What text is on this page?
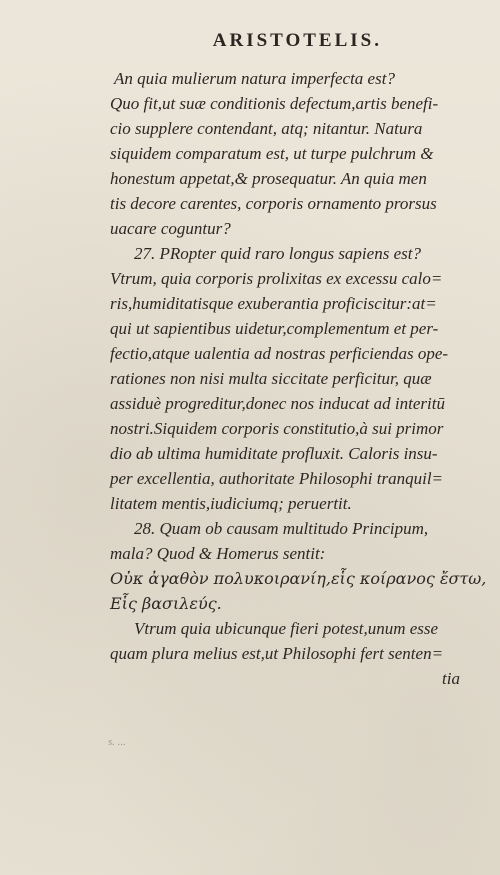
ARISTOTELIS.
An quia mulierum natura imperfecta est?
Quo fit,ut suæ conditionis defectum,artis benefi-
cio supplere contendant, atq; nitantur. Natura
siquidem comparatum est, ut turpe pulchrum &
honestum appetat,& prosequatur. An quia men
tis decore carentes, corporis ornamento prorsus
uacare coguntur?
27. PRopter quid raro longus sapiens est?
Vtrum, quia corporis prolixitas ex excessu calo=
ris,humiditatisque exuberantia proficiscitur:at=
qui ut sapientibus uidetur,complementum et per-
fectio,atque ualentia ad nostras perficiendas ope-
rationes non nisi multa siccitate perficitur, quæ
assiduè progreditur,donec nos inducat ad interitū
nostri.Siquidem corporis constitutio,à sui primor
dio ab ultima humiditate profluxit. Caloris insu-
per excellentia, authoritate Philosophi tranquil=
litatem mentis,iudiciumq; peruertit.
28. Quam ob causam multitudo Principum,
mala? Quod & Homerus sentit:
Οὐκ ἀγαθὸν πολυκοιρανίη,εἷς κοίρανος ἔστω,
Εἷς βασιλεύς.
Vtrum quia ubicunque fieri potest,unum esse
quam plura melius est,ut Philosophi fert senten=
tia
s. ...
